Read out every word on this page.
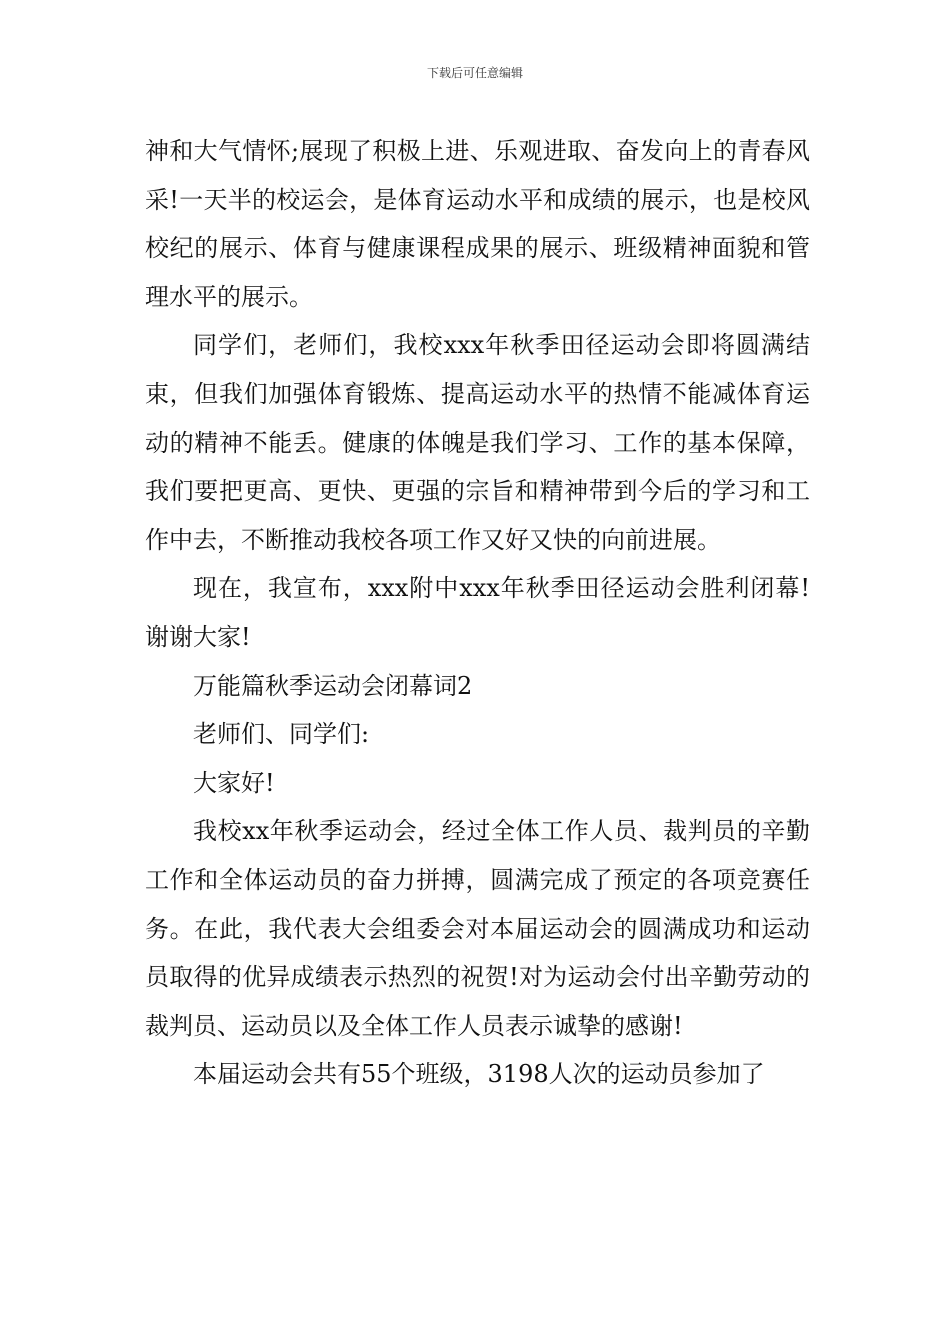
下载后可任意编辑

神和大气情怀;展现了积极上进、乐观进取、奋发向上的青春风采!一天半的校运会，是体育运动水平和成绩的展示，也是校风校纪的展示、体育与健康课程成果的展示、班级精神面貌和管理水平的展示。

同学们，老师们，我校xxx年秋季田径运动会即将圆满结束，但我们加强体育锻炼、提高运动水平的热情不能减体育运动的精神不能丢。健康的体魄是我们学习、工作的基本保障，我们要把更高、更快、更强的宗旨和精神带到今后的学习和工作中去，不断推动我校各项工作又好又快的向前进展。

现在，我宣布，xxx附中xxx年秋季田径运动会胜利闭幕!谢谢大家!

万能篇秋季运动会闭幕词2

老师们、同学们:

大家好!

我校xx年秋季运动会，经过全体工作人员、裁判员的辛勤工作和全体运动员的奋力拼搏，圆满完成了预定的各项竞赛任务。在此，我代表大会组委会对本届运动会的圆满成功和运动员取得的优异成绩表示热烈的祝贺!对为运动会付出辛勤劳动的裁判员、运动员以及全体工作人员表示诚挚的感谢!

本届运动会共有55个班级，3198人次的运动员参加了
